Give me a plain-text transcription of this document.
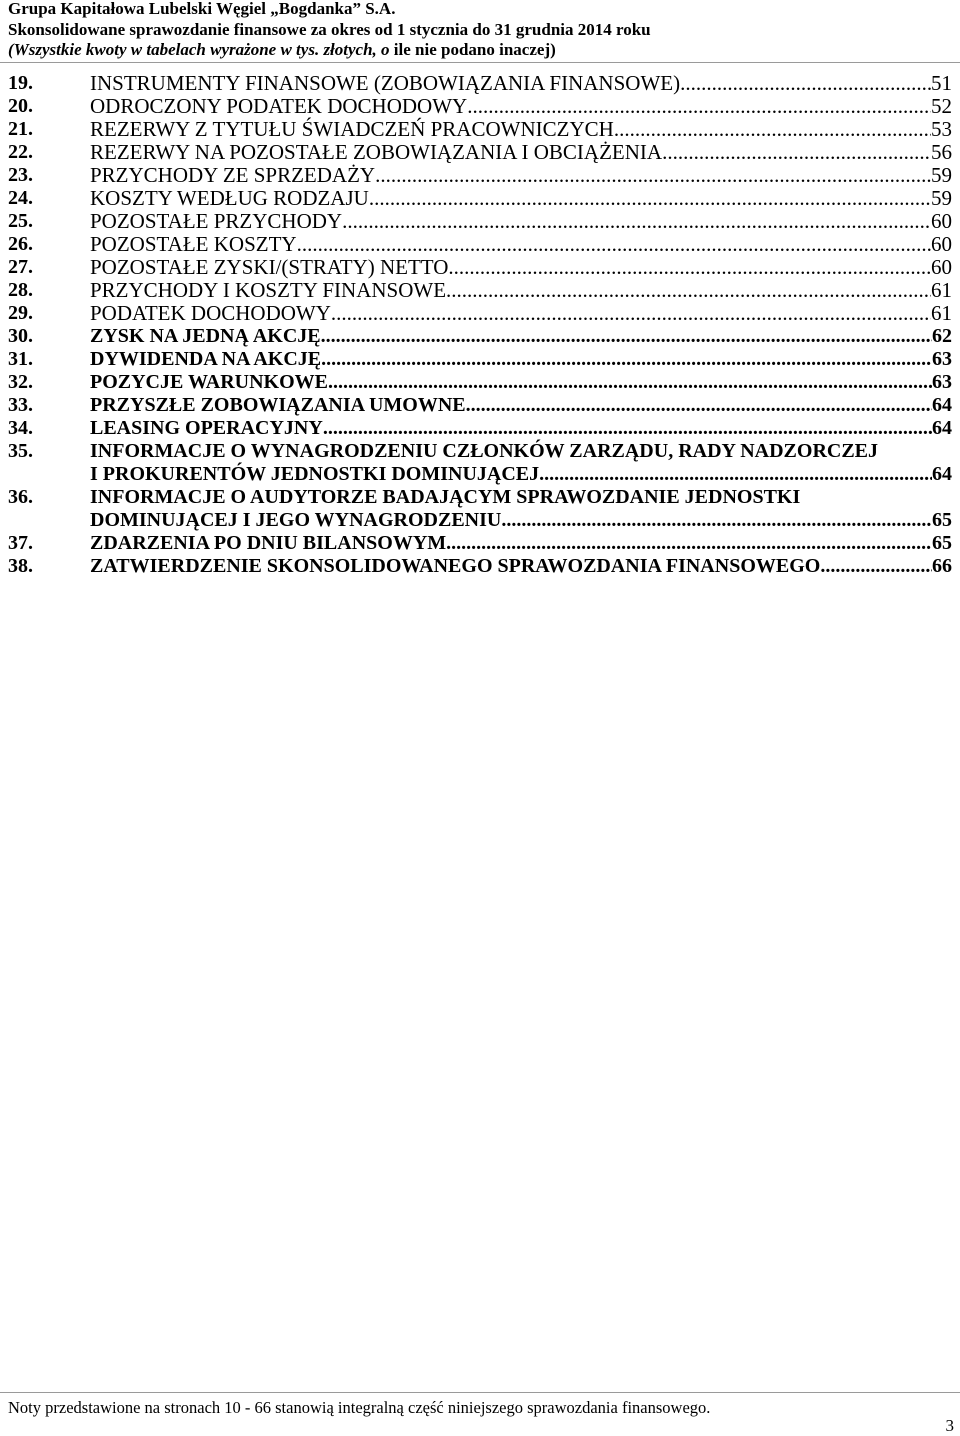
Grupa Kapitałowa Lubelski Węgiel „Bogdanka” S.A.
Skonsolidowane sprawozdanie finansowe za okres od 1 stycznia do 31 grudnia 2014 roku
(Wszystkie kwoty w tabelach wyrażone w tys. złotych, o ile nie podano inaczej)
19.	INSTRUMENTY FINANSOWE (ZOBOWIĄZANIA FINANSOWE) .....	51
20.	ODROCZONY PODATEK DOCHODOWY .....	52
21.	REZERWY Z TYTUŁU ŚWIADCZEŃ PRACOWNICZYCH .....	53
22.	REZERWY NA POZOSTAŁE ZOBOWIĄZANIA I OBCIĄŻENIA .....	56
23.	PRZYCHODY ZE SPRZEDAŻY .....	59
24.	KOSZTY WEDŁUG RODZAJU .....	59
25.	POZOSTAŁE PRZYCHODY .....	60
26.	POZOSTAŁE KOSZTY .....	60
27.	POZOSTAŁE ZYSKI/(STRATY) NETTO .....	60
28.	PRZYCHODY I KOSZTY FINANSOWE .....	61
29.	PODATEK DOCHODOWY .....	61
30.	ZYSK NA JEDNĄ AKCJĘ .....	62
31.	DYWIDENDA NA AKCJĘ .....	63
32.	POZYCJE WARUNKOWE .....	63
33.	PRZYSZŁE ZOBOWIĄZANIA UMOWNE .....	64
34.	LEASING OPERACYJNY .....	64
35.	INFORMACJE O WYNAGRODZENIU CZŁONKÓW ZARZĄDU, RADY NADZORCZEJ
I PROKURENTÓW JEDNOSTKI DOMINUJĄCEJ .....	64
36.	INFORMACJE O AUDYTORZE BADAJĄCYM SPRAWOZDANIE JEDNOSTKI
DOMINUJĄCEJ I JEGO WYNAGRODZENIU .....	65
37.	ZDARZENIA PO DNIU BILANSOWYM .....	65
38.	ZATWIERDZENIE SKONSOLIDOWANEGO SPRAWOZDANIA FINANSOWEGO .....	66
Noty przedstawione na stronach 10 - 66 stanowią integralną część niniejszego sprawozdania finansowego.
3
